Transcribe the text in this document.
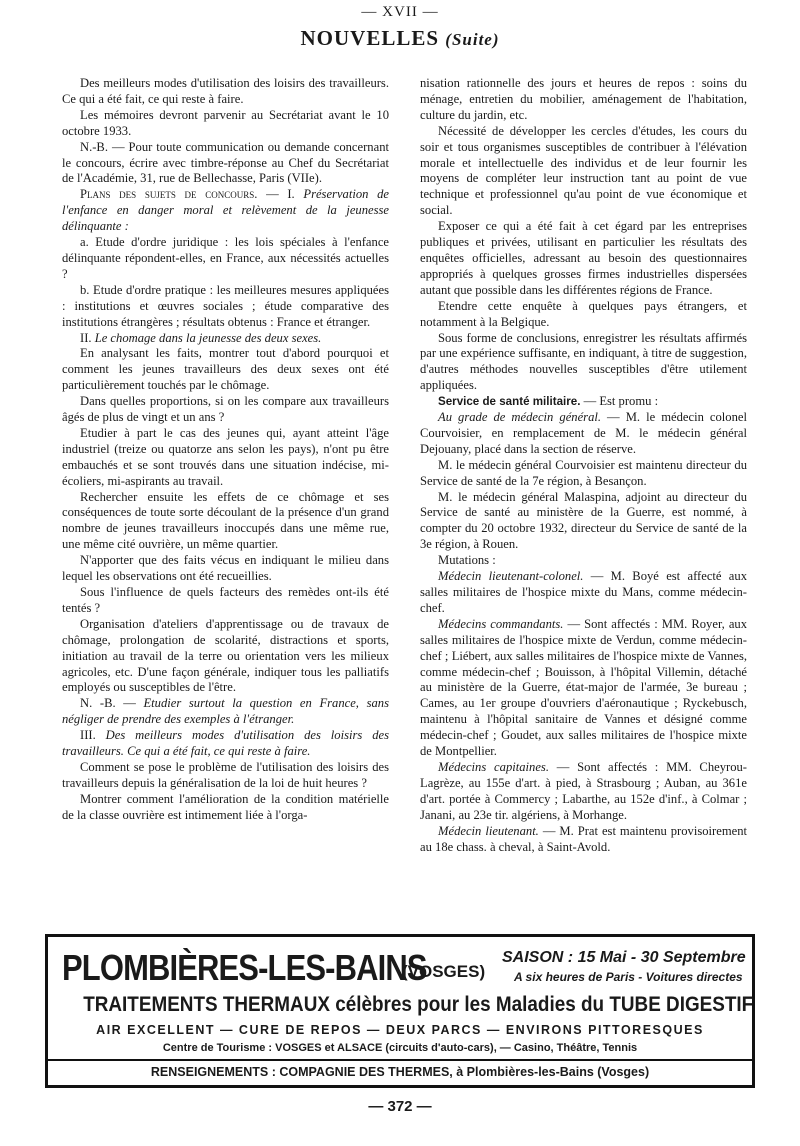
— XVII —
NOUVELLES (Suite)

Des meilleurs modes d'utilisation des loisirs des travailleurs. Ce qui a été fait, ce qui reste à faire.

Les mémoires devront parvenir au Secrétariat avant le 10 octobre 1933.

N.-B. — Pour toute communication ou demande concernant le concours, écrire avec timbre-réponse au Chef du Secrétariat de l'Académie, 31, rue de Bellechasse, Paris (VIIe).

Plans des sujets de concours. — I. Préservation de l'enfance en danger moral et relèvement de la jeunesse délinquante :

a. Etude d'ordre juridique : les lois spéciales à l'enfance délinquante répondent-elles, en France, aux nécessités actuelles ?

b. Etude d'ordre pratique : les meilleures mesures appliquées : institutions et œuvres sociales ; étude comparative des institutions étrangères ; résultats obtenus : France et étranger.

II. Le chomage dans la jeunesse des deux sexes.

En analysant les faits, montrer tout d'abord pourquoi et comment les jeunes travailleurs des deux sexes ont été particulièrement touchés par le chômage.

Dans quelles proportions, si on les compare aux travailleurs âgés de plus de vingt et un ans ?

Etudier à part le cas des jeunes qui, ayant atteint l'âge industriel (treize ou quatorze ans selon les pays), n'ont pu être embauchés et se sont trouvés dans une situation indécise, mi-écoliers, mi-aspirants au travail.

Rechercher ensuite les effets de ce chômage et ses conséquences de toute sorte découlant de la présence d'un grand nombre de jeunes travailleurs inoccupés dans une même rue, une même cité ouvrière, un même quartier.

N'apporter que des faits vécus en indiquant le milieu dans lequel les observations ont été recueillies.

Sous l'influence de quels facteurs des remèdes ont-ils été tentés ?

Organisation d'ateliers d'apprentissage ou de travaux de chômage, prolongation de scolarité, distractions et sports, initiation au travail de la terre ou orientation vers les milieux agricoles, etc. D'une façon générale, indiquer tous les palliatifs employés ou susceptibles de l'être.

N. -B. — Etudier surtout la question en France, sans négliger de prendre des exemples à l'étranger.

III. Des meilleurs modes d'utilisation des loisirs des travailleurs. Ce qui a été fait, ce qui reste à faire.

Comment se pose le problème de l'utilisation des loisirs des travailleurs depuis la généralisation de la loi de huit heures ?

Montrer comment l'amélioration de la condition matérielle de la classe ouvrière est intimement liée à l'orga-

nisation rationnelle des jours et heures de repos : soins du ménage, entretien du mobilier, aménagement de l'habitation, culture du jardin, etc.

Nécessité de développer les cercles d'études, les cours du soir et tous organismes susceptibles de contribuer à l'élévation morale et intellectuelle des individus et de leur fournir les moyens de compléter leur instruction tant au point de vue technique et professionnel qu'au point de vue économique et social.

Exposer ce qui a été fait à cet égard par les entreprises publiques et privées, utilisant en particulier les résultats des enquêtes officielles, adressant au besoin des questionnaires appropriés à quelques grosses firmes industrielles dispersées autant que possible dans les différentes régions de France.

Etendre cette enquête à quelques pays étrangers, et notamment à la Belgique.

Sous forme de conclusions, enregistrer les résultats affirmés par une expérience suffisante, en indiquant, à titre de suggestion, d'autres méthodes nouvelles susceptibles d'être utilement appliquées.

Service de santé militaire. — Est promu :

Au grade de médecin général. — M. le médecin colonel Courvoisier, en remplacement de M. le médecin général Dejouany, placé dans la section de réserve.

M. le médecin général Courvoisier est maintenu directeur du Service de santé de la 7e région, à Besançon.

M. le médecin général Malaspina, adjoint au directeur du Service de santé au ministère de la Guerre, est nommé, à compter du 20 octobre 1932, directeur du Service de santé de la 3e région, à Rouen.

Mutations :

Médecin lieutenant-colonel. — M. Boyé est affecté aux salles militaires de l'hospice mixte du Mans, comme médecin-chef.

Médecins commandants. — Sont affectés : MM. Royer, aux salles militaires de l'hospice mixte de Verdun, comme médecin-chef ; Liébert, aux salles militaires de l'hospice mixte de Vannes, comme médecin-chef ; Bouisson, à l'hôpital Villemin, détaché au ministère de la Guerre, état-major de l'armée, 3e bureau ; Cames, au 1er groupe d'ouvriers d'aéronautique ; Ryckebusch, maintenu à l'hôpital sanitaire de Vannes et désigné comme médecin-chef ; Goudet, aux salles militaires de l'hospice mixte de Montpellier.

Médecins capitaines. — Sont affectés : MM. Cheyrou-Lagrèze, au 155e d'art. à pied, à Strasbourg ; Auban, au 361e d'art. portée à Commercy ; Labarthe, au 152e d'inf., à Colmar ; Janani, au 23e tir. algériens, à Morhange.

Médecin lieutenant. — M. Prat est maintenu provisoirement au 18e chass. à cheval, à Saint-Avold.

PLOMBIÈRES-LES-BAINS
(VOSGES)
SAISON : 15 Mai - 30 Septembre
A six heures de Paris - Voitures directes
TRAITEMENTS THERMAUX célèbres pour les Maladies du TUBE DIGESTIF
AIR EXCELLENT — CURE DE REPOS — DEUX PARCS — ENVIRONS PITTORESQUES
Centre de Tourisme : VOSGES et ALSACE (circuits d'auto-cars), — Casino, Théâtre, Tennis
RENSEIGNEMENTS : COMPAGNIE DES THERMES, à Plombières-les-Bains (Vosges)
— 372 —
